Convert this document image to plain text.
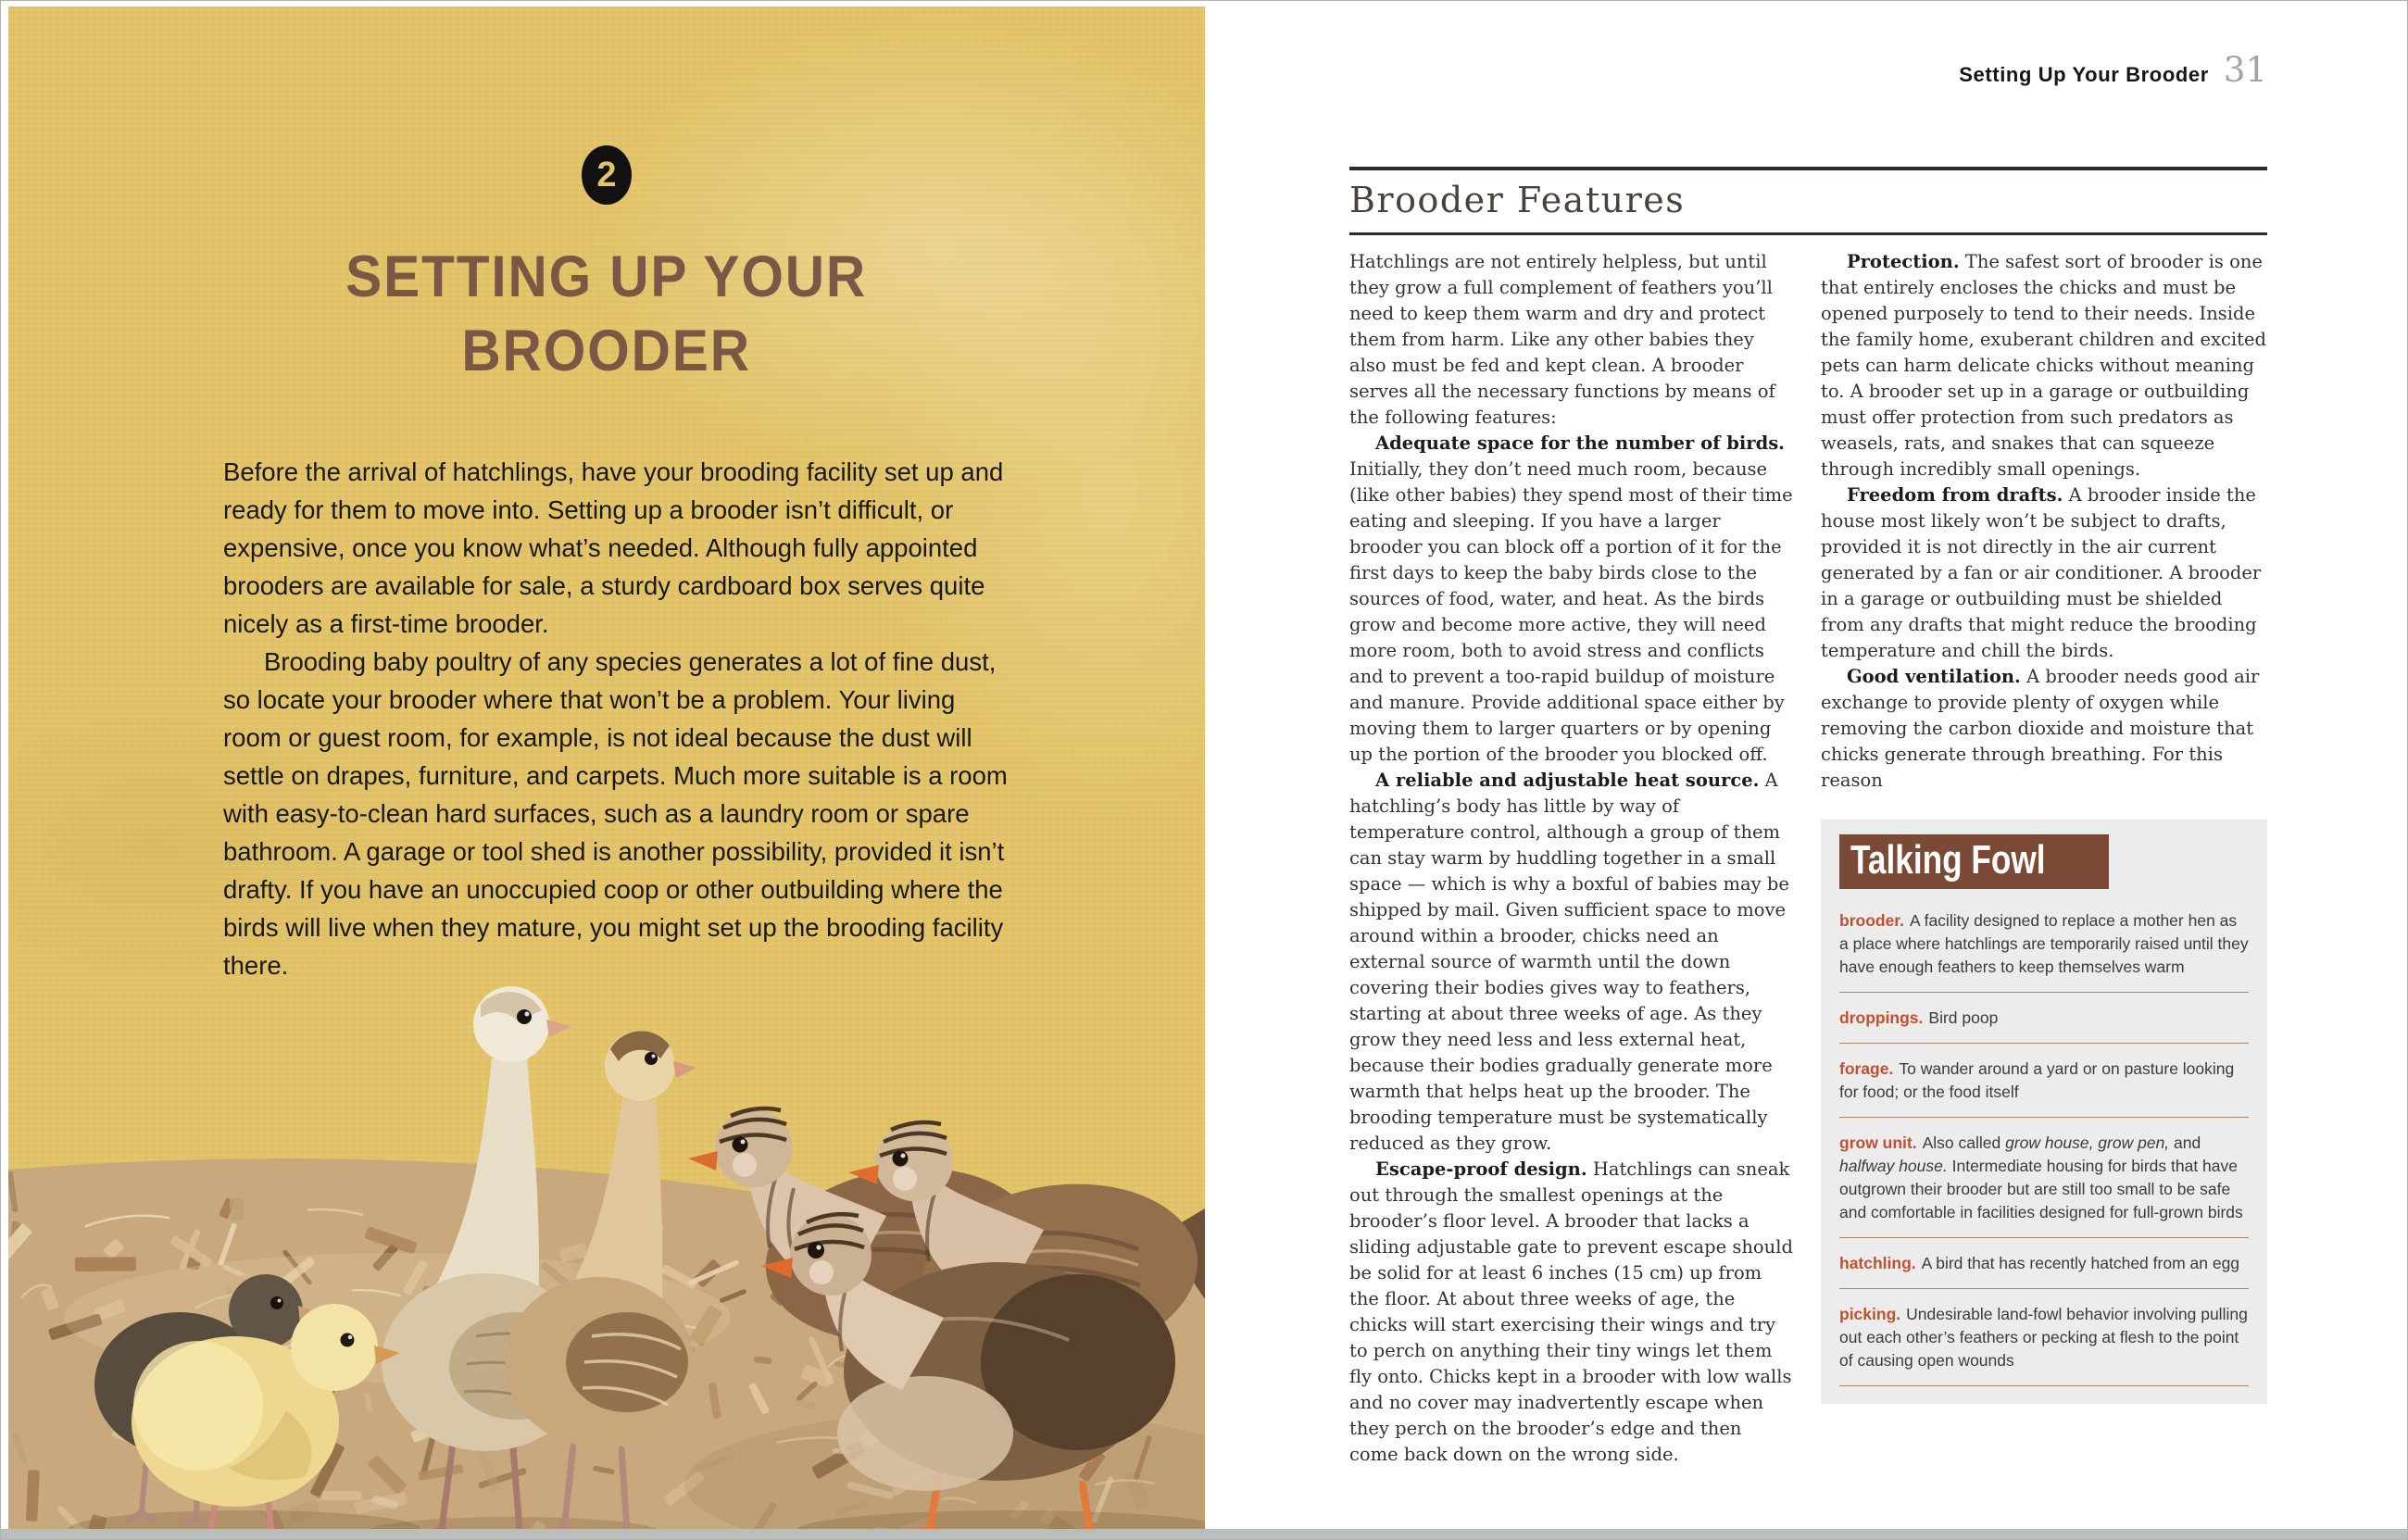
2
SETTING UP YOUR
BROODER

Before the arrival of hatchlings, have your brooding facility set up and ready for them to move into. Setting up a brooder isn’t difficult, or expensive, once you know what’s needed. Although fully appointed brooders are available for sale, a sturdy cardboard box serves quite nicely as a first-time brooder.

Brooding baby poultry of any species generates a lot of fine dust, so locate your brooder where that won’t be a problem. Your living room or guest room, for example, is not ideal because the dust will settle on drapes, furniture, and carpets. Much more suitable is a room with easy-to-clean hard surfaces, such as a laundry room or spare bathroom. A garage or tool shed is another possibility, provided it isn’t drafty. If you have an unoccupied coop or other outbuilding where the birds will live when they mature, you might set up the brooding facility there.

Setting Up Your Brooder 31
Brooder Features

Hatchlings are not entirely helpless, but until they grow a full complement of feathers you’ll need to keep them warm and dry and protect them from harm. Like any other babies they also must be fed and kept clean. A brooder serves all the necessary functions by means of the following features:

Adequate space for the number of birds. Initially, they don’t need much room, because (like other babies) they spend most of their time eating and sleeping. If you have a larger brooder you can block off a portion of it for the first days to keep the baby birds close to the sources of food, water, and heat. As the birds grow and become more active, they will need more room, both to avoid stress and conflicts and to prevent a too-rapid buildup of moisture and manure. Provide additional space either by moving them to larger quarters or by opening up the portion of the brooder you blocked off.

A reliable and adjustable heat source. A hatchling’s body has little by way of temperature control, although a group of them can stay warm by huddling together in a small space — which is why a boxful of babies may be shipped by mail. Given sufficient space to move around within a brooder, chicks need an external source of warmth until the down covering their bodies gives way to feathers, starting at about three weeks of age. As they grow they need less and less external heat, because their bodies gradually generate more warmth that helps heat up the brooder. The brooding temperature must be systematically reduced as they grow.

Escape-proof design. Hatchlings can sneak out through the smallest openings at the brooder’s floor level. A brooder that lacks a sliding adjustable gate to prevent escape should be solid for at least 6 inches (15 cm) up from the floor. At about three weeks of age, the chicks will start exercising their wings and try to perch on anything their tiny wings let them fly onto. Chicks kept in a brooder with low walls and no cover may inadvertently escape when they perch on the brooder’s edge and then come back down on the wrong side.

Protection. The safest sort of brooder is one that entirely encloses the chicks and must be opened purposely to tend to their needs. Inside the family home, exuberant children and excited pets can harm delicate chicks without meaning to. A brooder set up in a garage or outbuilding must offer protection from such predators as weasels, rats, and snakes that can squeeze through incredibly small openings.

Freedom from drafts. A brooder inside the house most likely won’t be subject to drafts, provided it is not directly in the air current generated by a fan or air conditioner. A brooder in a garage or outbuilding must be shielded from any drafts that might reduce the brooding temperature and chill the birds.

Good ventilation. A brooder needs good air exchange to provide plenty of oxygen while removing the carbon dioxide and moisture that chicks generate through breathing. For this reason

Talking Fowl
brooder. A facility designed to replace a mother hen as a place where hatchlings are temporarily raised until they have enough feathers to keep themselves warm
droppings. Bird poop
forage. To wander around a yard or on pasture looking for food; or the food itself
grow unit. Also called grow house, grow pen, and halfway house. Intermediate housing for birds that have outgrown their brooder but are still too small to be safe and comfortable in facilities designed for full-grown birds
hatchling. A bird that has recently hatched from an egg
picking. Undesirable land-fowl behavior involving pulling out each other’s feathers or pecking at flesh to the point of causing open wounds
